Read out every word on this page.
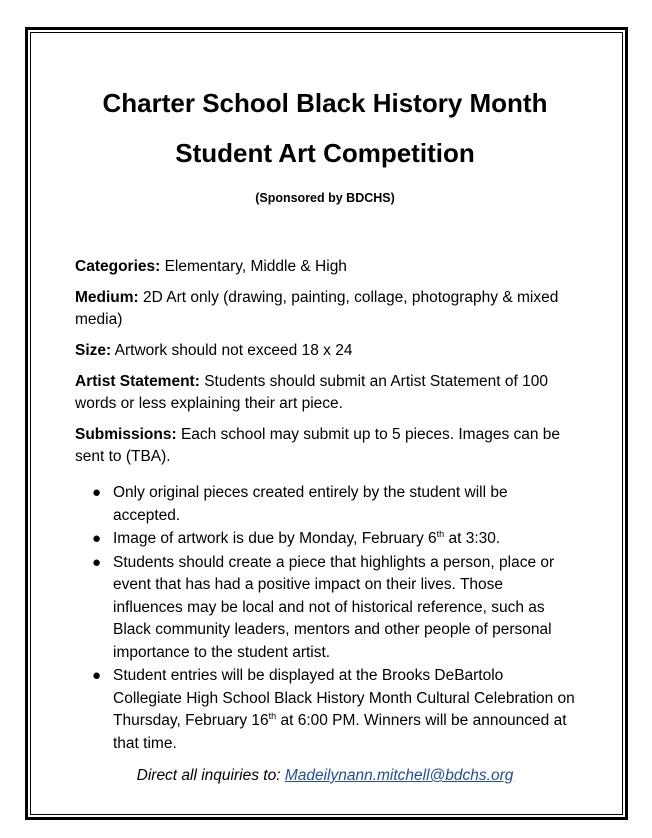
Charter School Black History Month

Student Art Competition

(Sponsored by BDCHS)

Categories: Elementary, Middle & High

Medium: 2D Art only (drawing, painting, collage, photography & mixed media)

Size: Artwork should not exceed 18 x 24

Artist Statement: Students should submit an Artist Statement of 100 words or less explaining their art piece.

Submissions: Each school may submit up to 5 pieces. Images can be sent to (TBA).

● Only original pieces created entirely by the student will be accepted.
● Image of artwork is due by Monday, February 6th at 3:30.
● Students should create a piece that highlights a person, place or event that has had a positive impact on their lives. Those influences may be local and not of historical reference, such as Black community leaders, mentors and other people of personal importance to the student artist.
● Student entries will be displayed at the Brooks DeBartolo Collegiate High School Black History Month Cultural Celebration on Thursday, February 16th at 6:00 PM. Winners will be announced at that time.
Direct all inquiries to: Madeilynann.mitchell@bdchs.org
